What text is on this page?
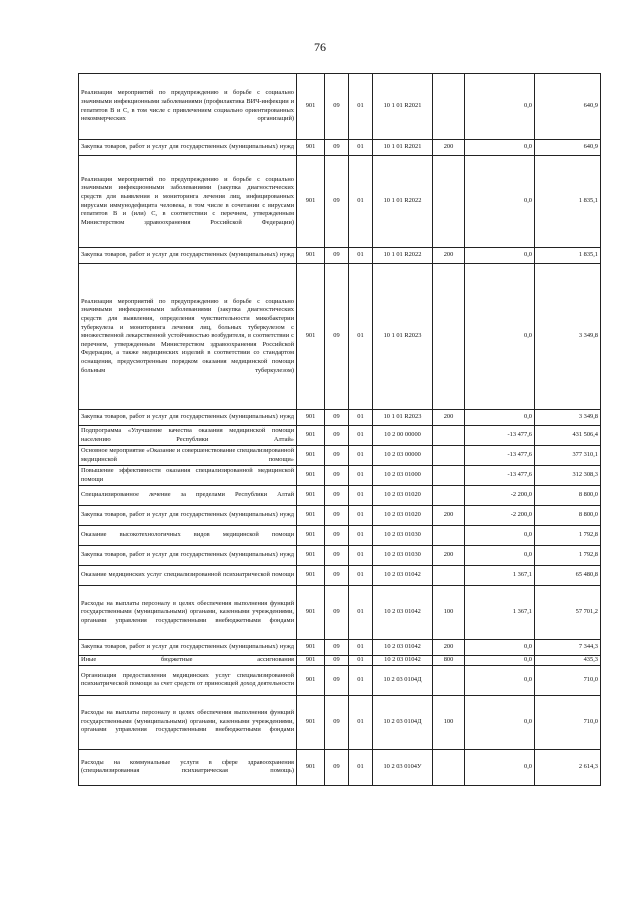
76
Реализация мероприятий по предупреждению и борьбе с социально значимыми инфекционными заболеваниями (профилактика ВИЧ-инфекции и гепатитов В и С, в том числе с привлечением социально ориентированных некоммерческих организаций)	901	09	01	10 1 01 R2021		0,0	640,9
Закупка товаров, работ и услуг для государственных (муниципальных) нужд	901	09	01	10 1 01 R2021	200	0,0	640,9
Реализация мероприятий по предупреждению и борьбе с социально значимыми инфекционными заболеваниями (закупка диагностических средств для выявления и мониторинга лечения лиц, инфицированных вирусами иммунодефицита человека, в том числе в сочетании с вирусами гепатитов В и (или) С, в соответствии с перечнем, утвержденным Министерством здравоохранения Российской Федерации)	901	09	01	10 1 01 R2022		0,0	1 835,1
Закупка товаров, работ и услуг для государственных (муниципальных) нужд	901	09	01	10 1 01 R2022	200	0,0	1 835,1
Реализация мероприятий по предупреждению и борьбе с социально значимыми инфекционными заболеваниями (закупка диагностических средств для выявления, определения чувствительности микобактерии туберкулеза и мониторинга лечения лиц, больных туберкулезом с множественной лекарственной устойчивостью возбудителя, в соответствии с перечнем, утвержденным Министерством здравоохранения Российской Федерации, а также медицинских изделий в соответствии со стандартом оснащения, предусмотренным порядком оказания медицинской помощи больным туберкулезом)	901	09	01	10 1 01 R2023		0,0	3 349,8
Закупка товаров, работ и услуг для государственных (муниципальных) нужд	901	09	01	10 1 01 R2023	200	0,0	3 349,8
Подпрограмма «Улучшение качества оказания медицинской помощи населению Республики Алтай»	901	09	01	10 2 00 00000		-13 477,6	431 506,4
Основное мероприятие «Оказание и совершенствование специализированной медицинской помощи»	901	09	01	10 2 03 00000		-13 477,6	377 310,1
Повышение эффективности оказания специализированной медицинской помощи	901	09	01	10 2 03 01000		-13 477,6	312 308,3
Специализированное лечение за пределами Республики Алтай	901	09	01	10 2 03 01020		-2 200,0	8 800,0
Закупка товаров, работ и услуг для государственных (муниципальных) нужд	901	09	01	10 2 03 01020	200	-2 200,0	8 800,0
Оказание высокотехнологичных видов медицинской помощи	901	09	01	10 2 03 01030		0,0	1 792,8
Закупка товаров, работ и услуг для государственных (муниципальных) нужд	901	09	01	10 2 03 01030	200	0,0	1 792,8
Оказание медицинских услуг специализированной психиатрической помощи	901	09	01	10 2 03 01042		1 367,1	65 480,8
Расходы на выплаты персоналу в целях обеспечения выполнения функций государственными (муниципальными) органами, казенными учреждениями, органами управления государственными внебюджетными фондами	901	09	01	10 2 03 01042	100	1 367,1	57 701,2
Закупка товаров, работ и услуг для государственных (муниципальных) нужд	901	09	01	10 2 03 01042	200	0,0	7 344,3
Иные бюджетные ассигнования	901	09	01	10 2 03 01042	800	0,0	435,3
Организация предоставления медицинских услуг специализированной психиатрической помощи за счет средств от приносящей доход деятельности	901	09	01	10 2 03 0104Д		0,0	710,0
Расходы на выплаты персоналу в целях обеспечения выполнения функций государственными (муниципальными) органами, казенными учреждениями, органами управления государственными внебюджетными фондами	901	09	01	10 2 03 0104Д	100	0,0	710,0
Расходы на коммунальные услуги в сфере здравоохранения (специализированная психиатрическая помощь)	901	09	01	10 2 03 0104У		0,0	2 614,3
